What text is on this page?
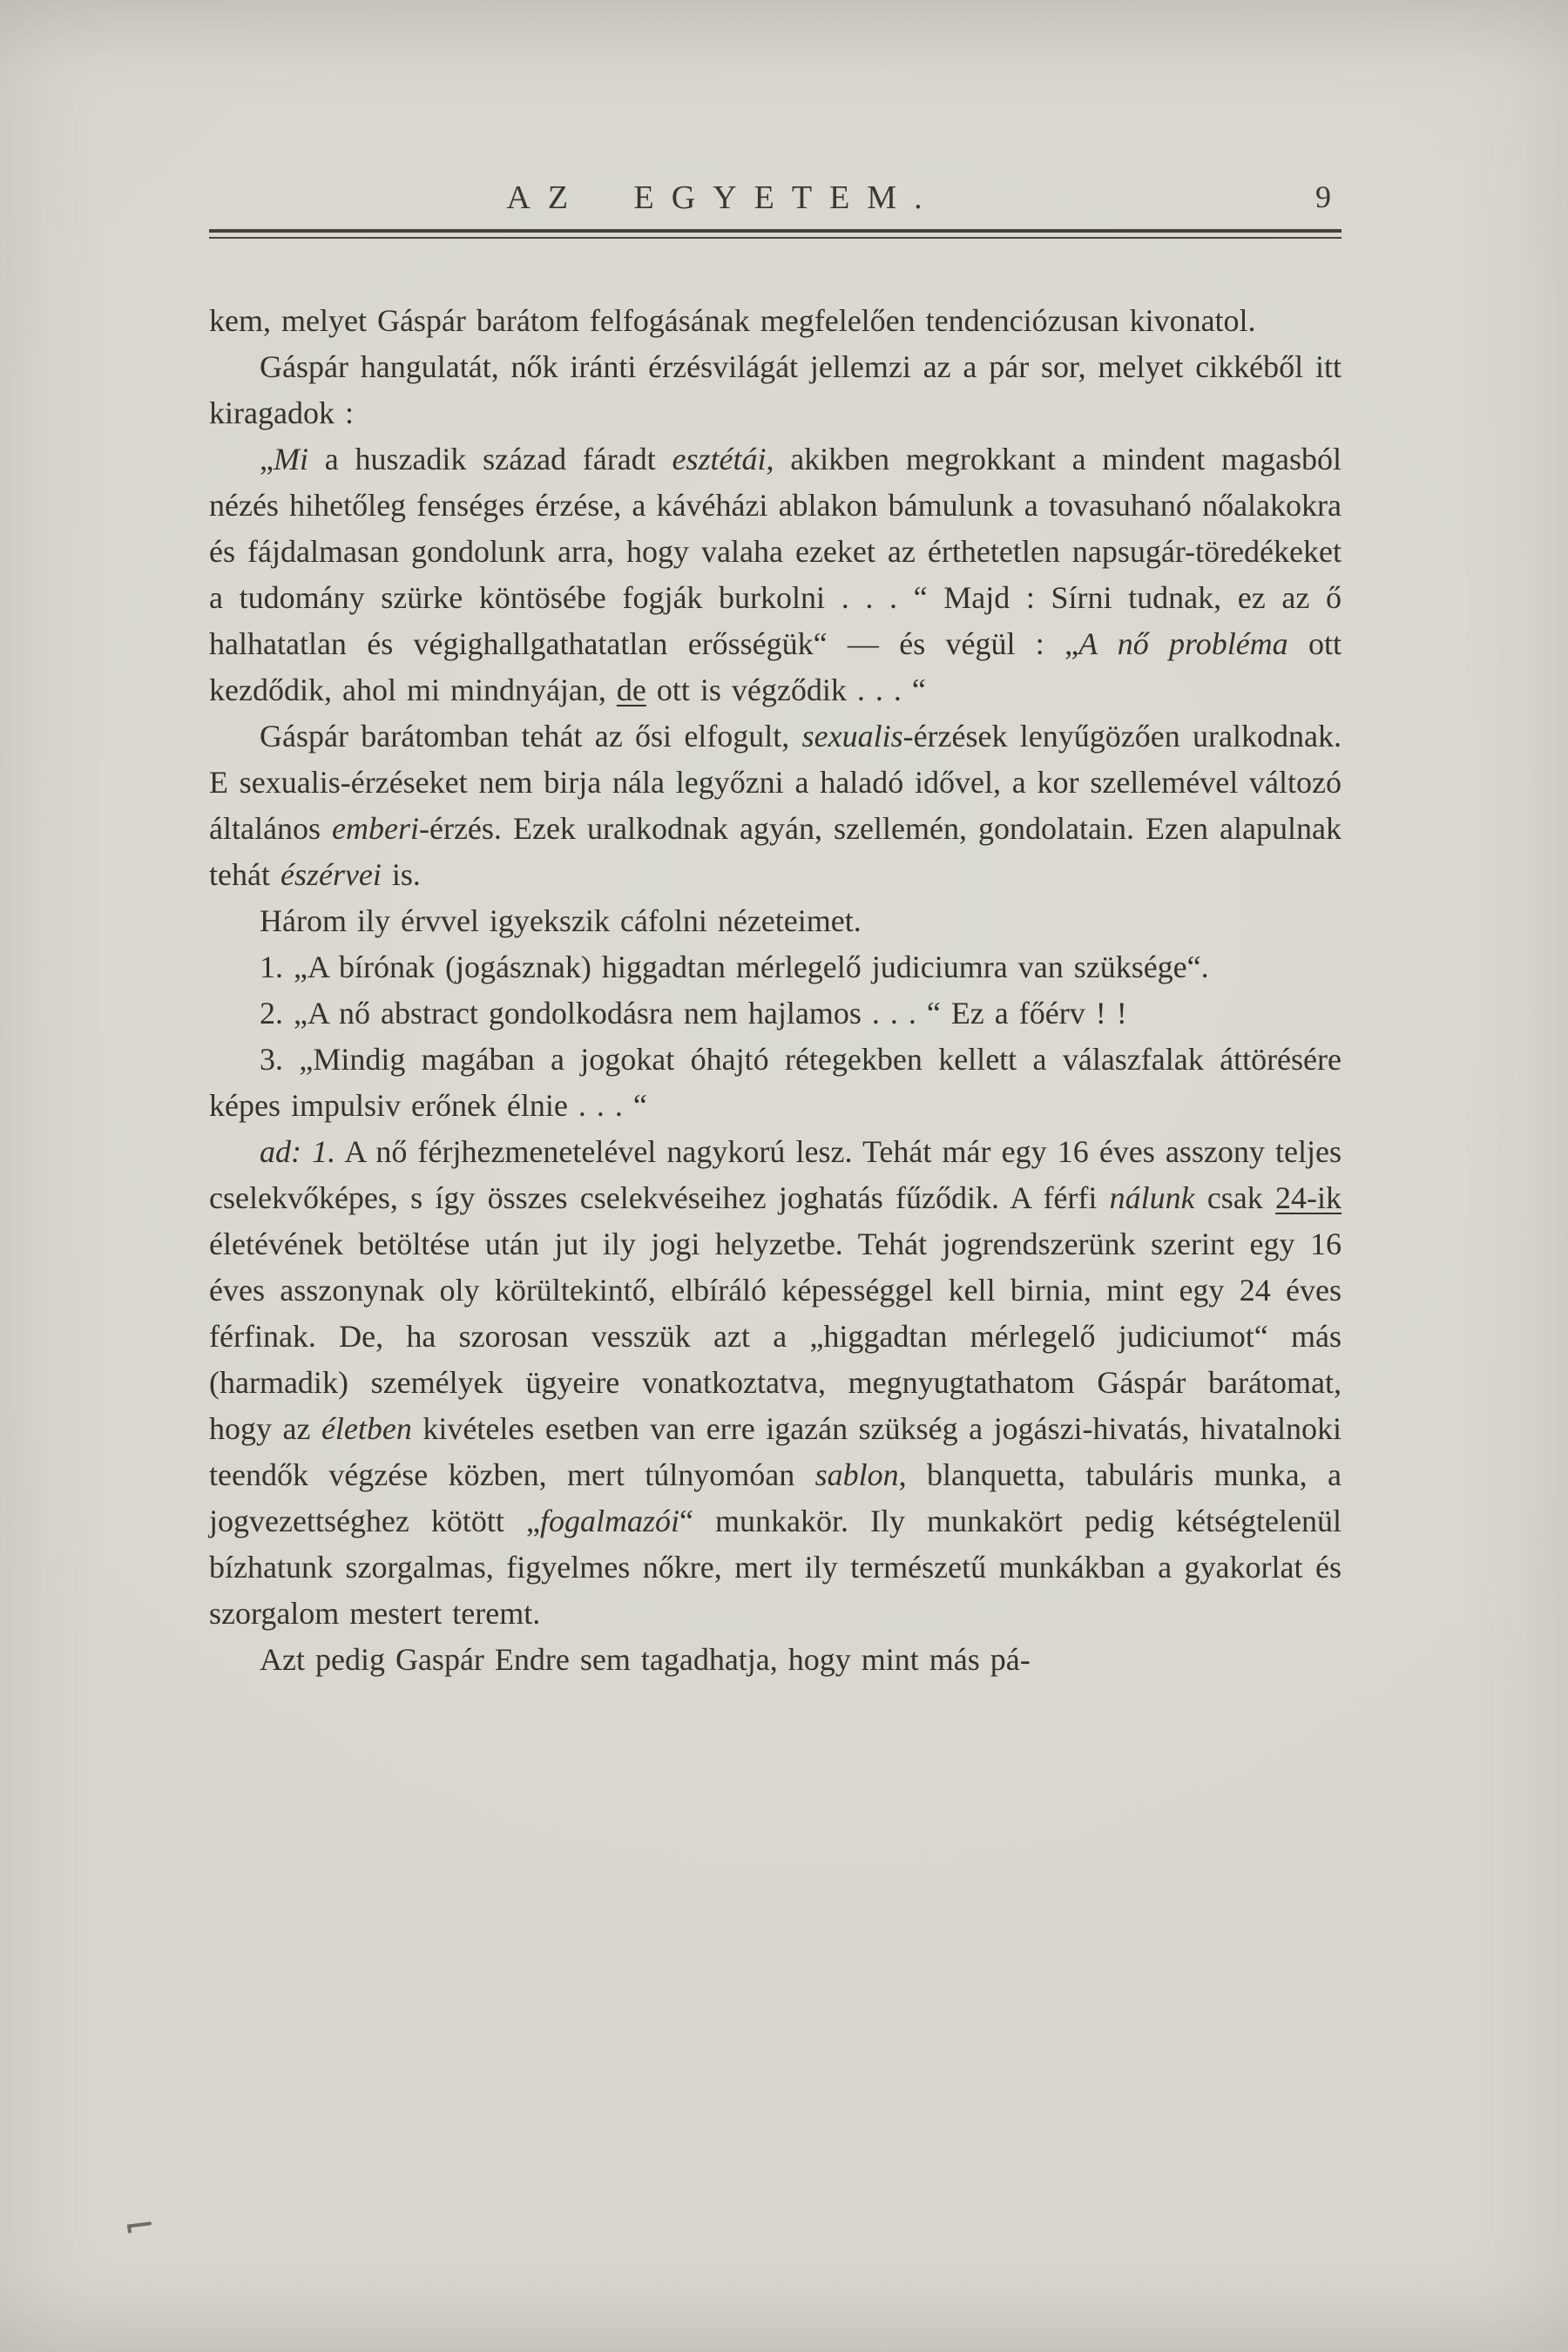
AZ EGYETEM.	9

kem, melyet Gáspár barátom felfogásának megfelelően tendenciózusan kivonatol.

Gáspár hangulatát, nők iránti érzésvilágát jellemzi az a pár sor, melyet cikkéből itt kiragadok :

„Mi a huszadik század fáradt esztétái, akikben megrokkant a mindent magasból nézés hihetőleg fenséges érzése, a kávéházi ablakon bámulunk a tovasuhanó nőalakokra és fájdalmasan gondolunk arra, hogy valaha ezeket az érthetetlen napsugár-töredékeket a tudomány szürke köntösébe fogják burkolni . . . “ Majd : Sírni tudnak, ez az ő halhatatlan és végighallgathatatlan erősségük“ — és végül : „A nő probléma ott kezdődik, ahol mi mindnyájan, de ott is végződik . . . “

Gáspár barátomban tehát az ősi elfogult, sexualis-érzések lenyűgözően uralkodnak. E sexualis-érzéseket nem birja nála legyőzni a haladó idővel, a kor szellemével változó általános emberi-érzés. Ezek uralkodnak agyán, szellemén, gondolatain. Ezen alapulnak tehát észérvei is.

Három ily érvvel igyekszik cáfolni nézeteimet.

1. „A bírónak (jogásznak) higgadtan mérlegelő judiciumra van szüksége“.

2. „A nő abstract gondolkodásra nem hajlamos . . . “ Ez a főérv ! !

3. „Mindig magában a jogokat óhajtó rétegekben kellett a válaszfalak áttörésére képes impulsiv erőnek élnie . . . “

ad: 1. A nő férjhezmenetelével nagykorú lesz. Tehát már egy 16 éves asszony teljes cselekvőképes, s így összes cselekvéseihez joghatás fűződik. A férfi nálunk csak 24-ik életévének betöltése után jut ily jogi helyzetbe. Tehát jogrendszerünk szerint egy 16 éves asszonynak oly körültekintő, elbíráló képességgel kell birnia, mint egy 24 éves férfinak. De, ha szorosan vesszük azt a „higgadtan mérlegelő judiciumot“ más (harmadik) személyek ügyeire vonatkoztatva, megnyugtathatom Gáspár barátomat, hogy az életben kivételes esetben van erre igazán szükség a jogászi-hivatás, hivatalnoki teendők végzése közben, mert túlnyomóan sablon, blanquetta, tabuláris munka, a jogvezettséghez kötött „fogalmazói“ munkakör. Ily munkakört pedig kétségtelenül bízhatunk szorgalmas, figyelmes nőkre, mert ily természetű munkákban a gyakorlat és szorgalom mestert teremt.

Azt pedig Gaspár Endre sem tagadhatja, hogy mint más pá-
